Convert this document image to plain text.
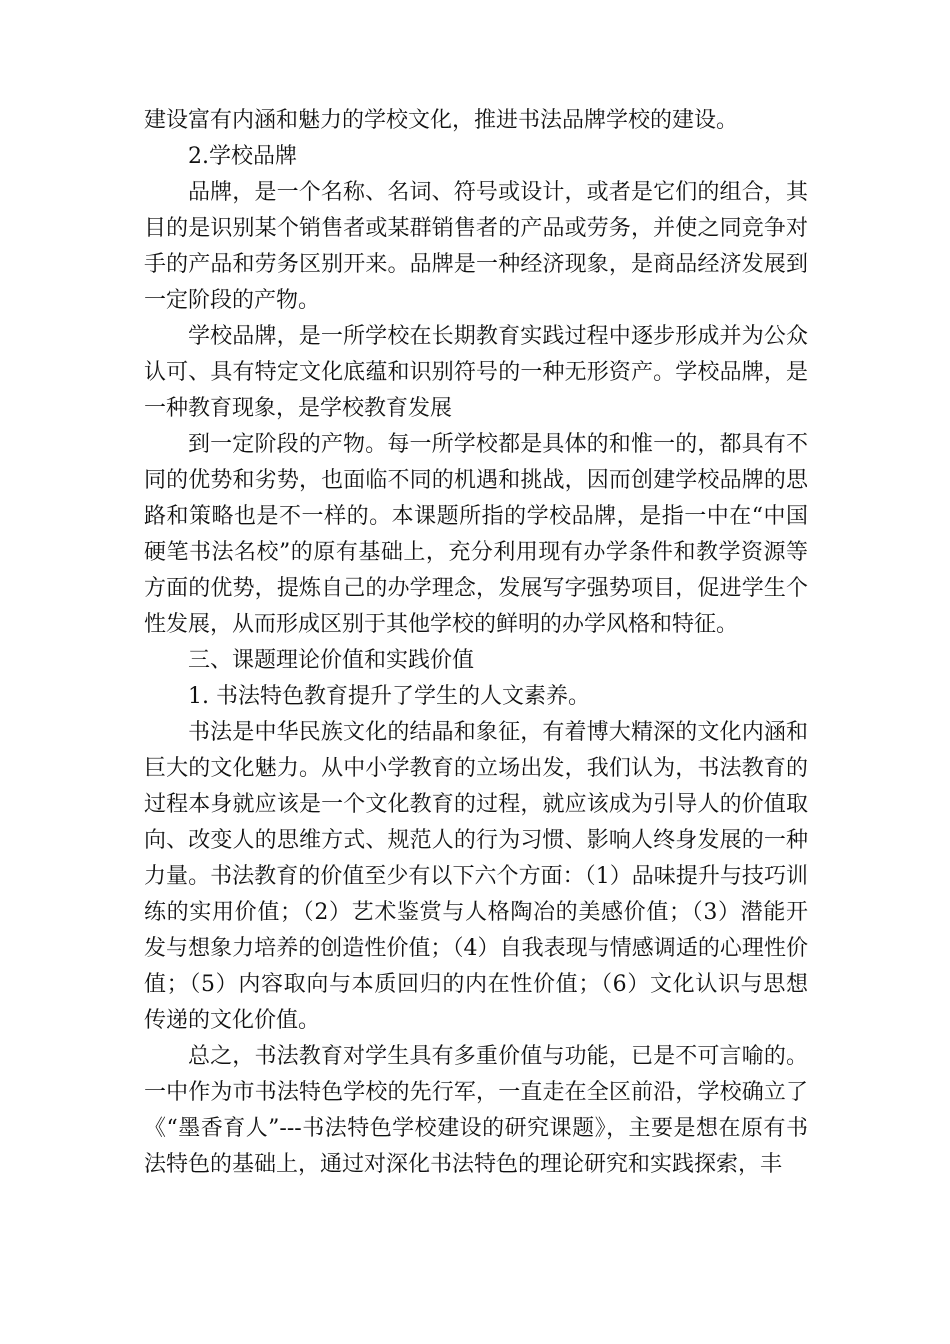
建设富有内涵和魅力的学校文化，推进书法品牌学校的建设。

2.学校品牌

品牌，是一个名称、名词、符号或设计，或者是它们的组合，其目的是识别某个销售者或某群销售者的产品或劳务，并使之同竞争对手的产品和劳务区别开来。品牌是一种经济现象，是商品经济发展到一定阶段的产物。

学校品牌，是一所学校在长期教育实践过程中逐步形成并为公众认可、具有特定文化底蕴和识别符号的一种无形资产。学校品牌，是一种教育现象，是学校教育发展

到一定阶段的产物。每一所学校都是具体的和惟一的，都具有不同的优势和劣势，也面临不同的机遇和挑战，因而创建学校品牌的思路和策略也是不一样的。本课题所指的学校品牌，是指一中在“中国硬笔书法名校”的原有基础上，充分利用现有办学条件和教学资源等方面的优势，提炼自己的办学理念，发展写字强势项目，促进学生个性发展，从而形成区别于其他学校的鲜明的办学风格和特征。

三、课题理论价值和实践价值

1. 书法特色教育提升了学生的人文素养。

书法是中华民族文化的结晶和象征，有着博大精深的文化内涵和巨大的文化魅力。从中小学教育的立场出发，我们认为，书法教育的过程本身就应该是一个文化教育的过程，就应该成为引导人的价值取向、改变人的思维方式、规范人的行为习惯、影响人终身发展的一种力量。书法教育的价值至少有以下六个方面：（1）品味提升与技巧训练的实用价值；（2）艺术鉴赏与人格陶冶的美感价值；（3）潜能开发与想象力培养的创造性价值；（4）自我表现与情感调适的心理性价值；（5）内容取向与本质回归的内在性价值；（6）文化认识与思想传递的文化价值。

总之，书法教育对学生具有多重价值与功能，已是不可言喻的。一中作为市书法特色学校的先行军，一直走在全区前沿，学校确立了《“墨香育人”---书法特色学校建设的研究课题》，主要是想在原有书法特色的基础上，通过对深化书法特色的理论研究和实践探索，丰
